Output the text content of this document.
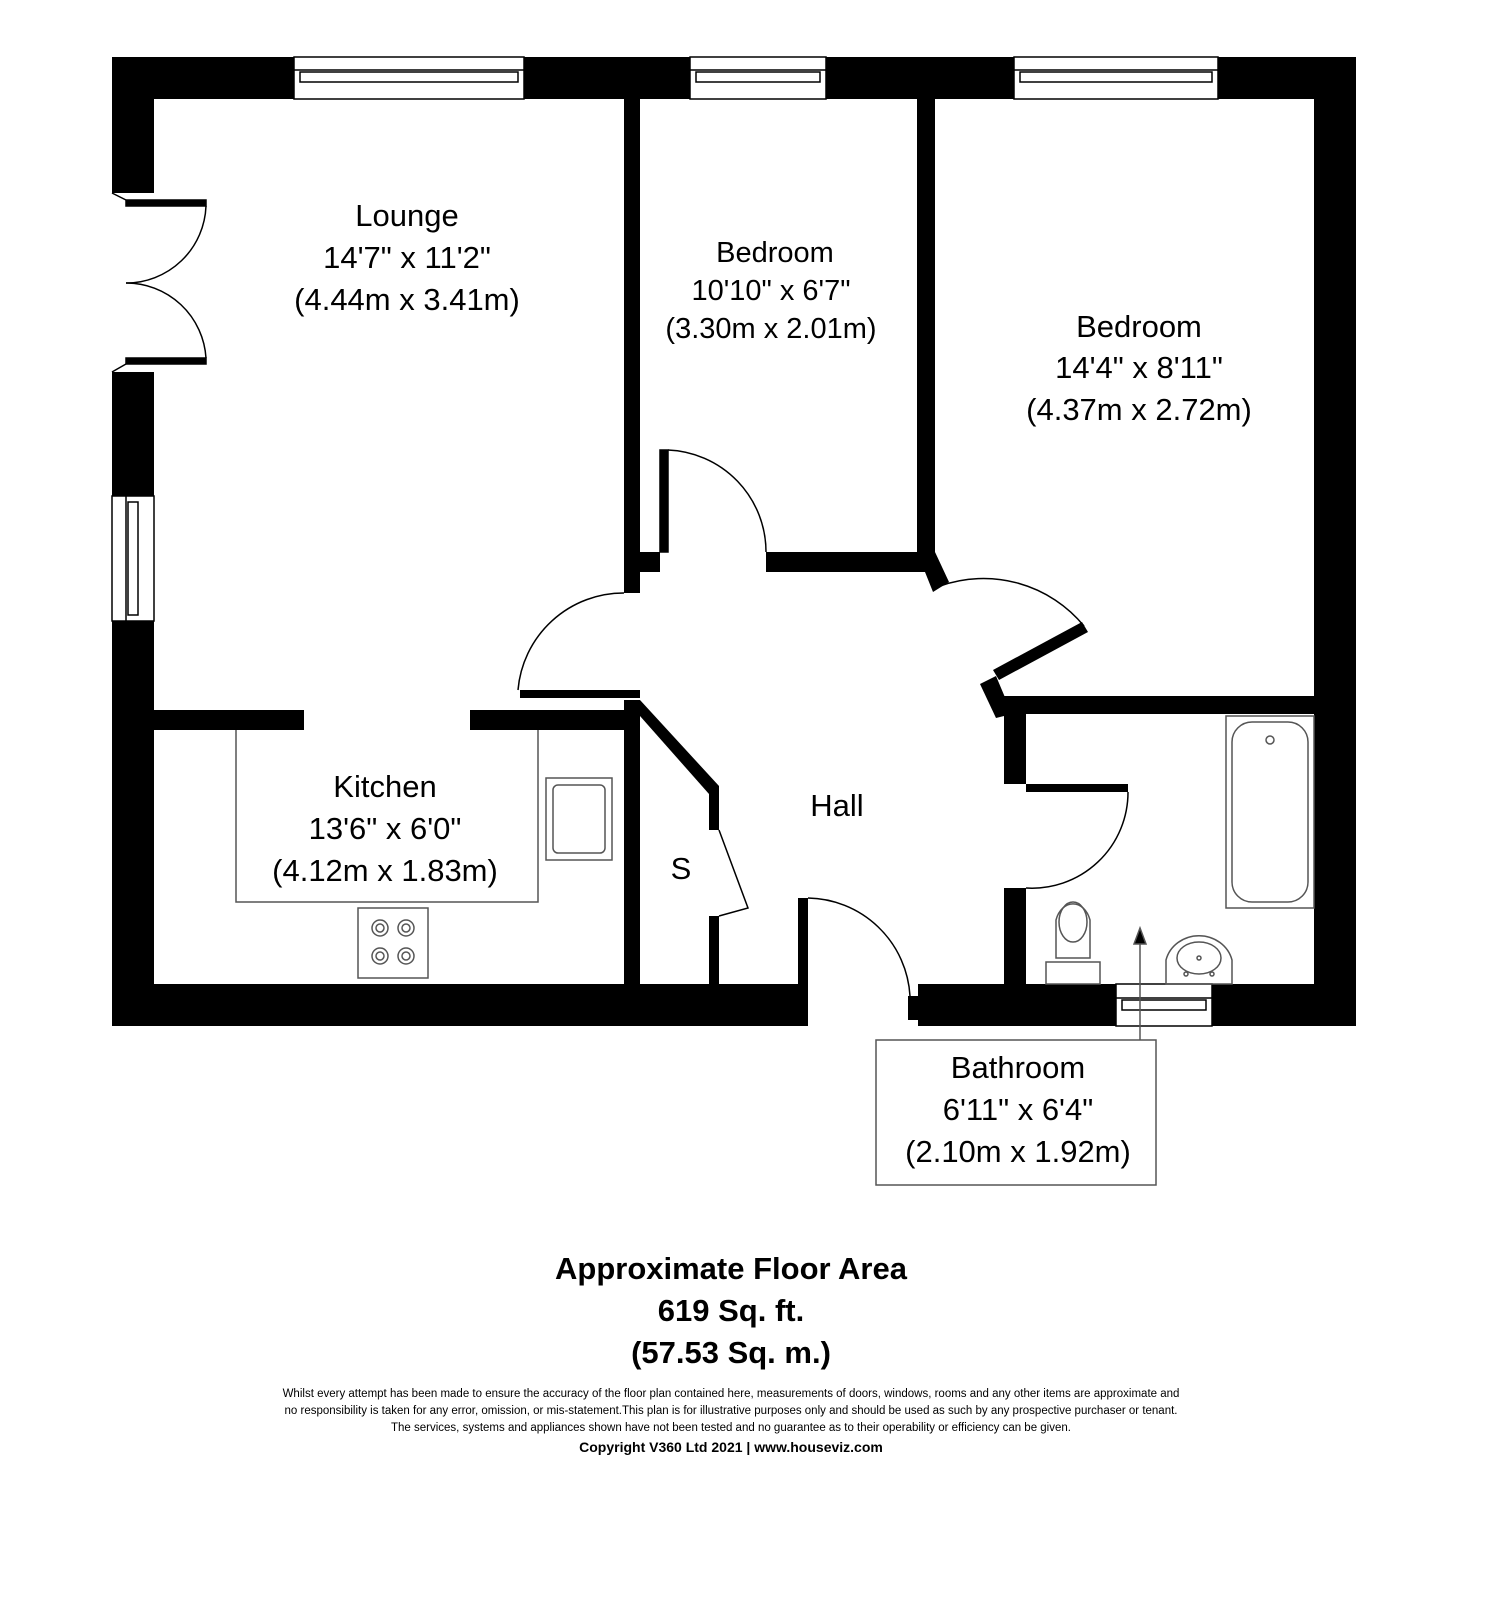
Lounge
14'7" x 11'2"
(4.44m x 3.41m)
Bedroom
10'10" x 6'7"
(3.30m x 2.01m)	Bedroom
14'4" x 8'11"
(4.37m x 2.72m)
Kitchen
13'6" x 6'0"
(4.12m x 1.83m)
Hall
S
Bathroom
6'11" x 6'4"
(2.10m x 1.92m)
Approximate Floor Area
619 Sq. ft.
(57.53 Sq. m.)
Whilst every attempt has been made to ensure the accuracy of the floor plan contained here, measurements of doors, windows, rooms and any other items are approximate and
no responsibility is taken for any error, omission, or mis-statement.This plan is for illustrative purposes only and should be used as such by any prospective purchaser or tenant.
The services, systems and appliances shown have not been tested and no guarantee as to their operability or efficiency can be given.
Copyright V360 Ltd 2021 | www.houseviz.com
